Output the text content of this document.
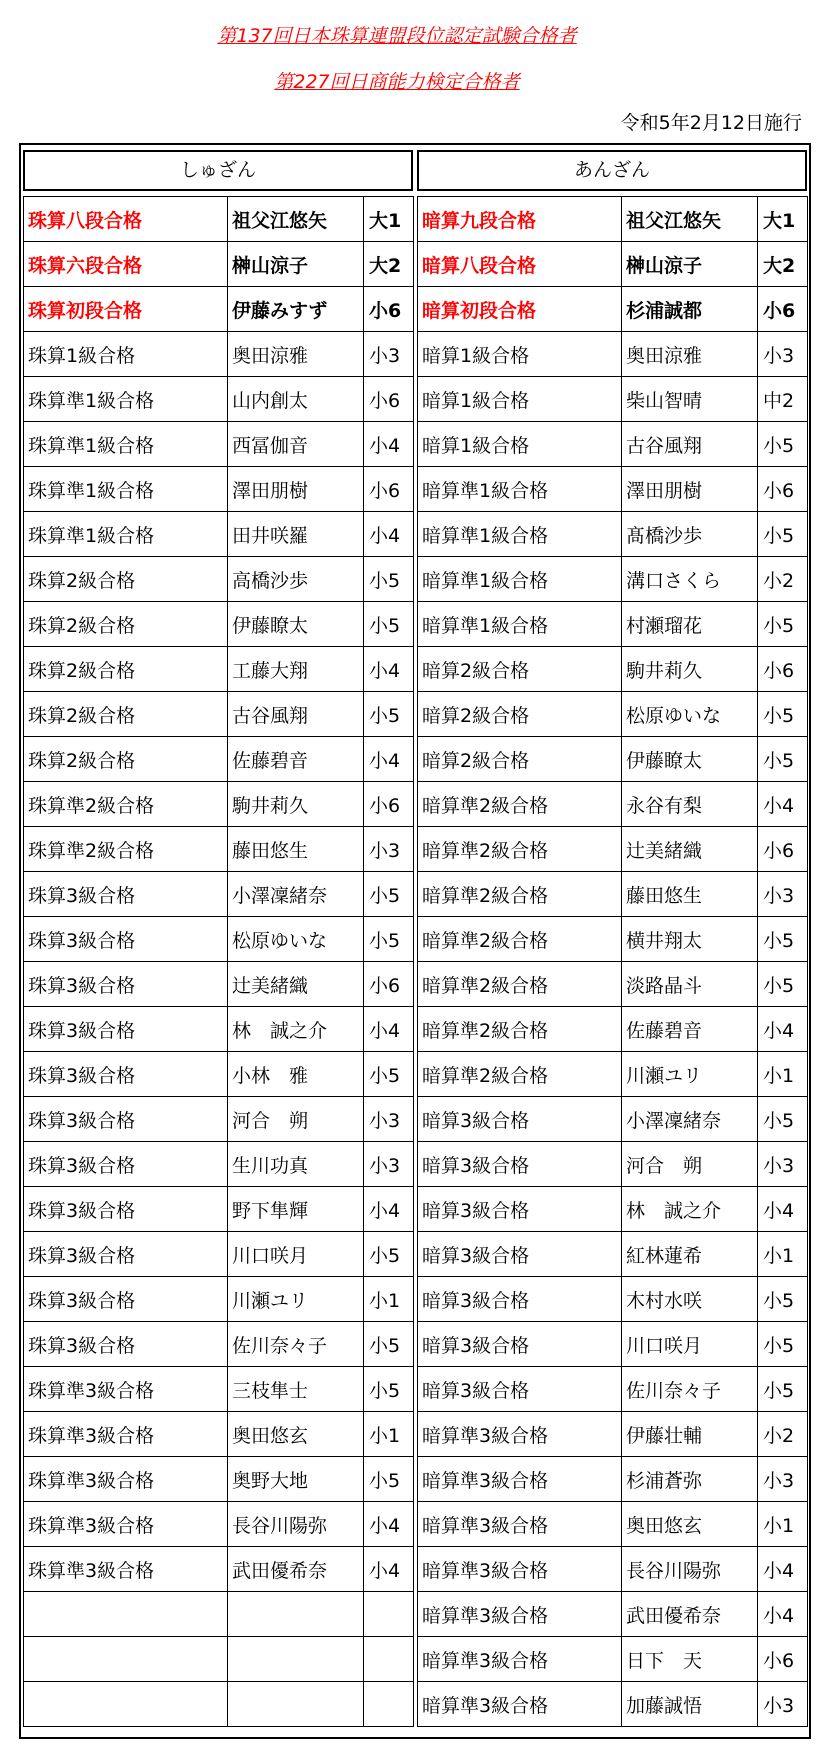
第137回日本珠算連盟段位認定試験合格者
第227回日商能力検定合格者
令和5年2月12日施行
しゅざん	あんざん
珠算八段合格	祖父江悠矢	大1
珠算六段合格	榊山涼子	大2
珠算初段合格	伊藤みすず	小6
珠算1級合格	奥田涼雅	小3
珠算準1級合格	山内創太	小6
珠算準1級合格	西冨伽音	小4
珠算準1級合格	澤田朋樹	小6
珠算準1級合格	田井咲羅	小4
珠算2級合格	高橋沙歩	小5
珠算2級合格	伊藤瞭太	小5
珠算2級合格	工藤大翔	小4
珠算2級合格	古谷風翔	小5
珠算2級合格	佐藤碧音	小4
珠算準2級合格	駒井莉久	小6
珠算準2級合格	藤田悠生	小3
珠算3級合格	小澤凜緒奈	小5
珠算3級合格	松原ゆいな	小5
珠算3級合格	辻美緒織	小6
珠算3級合格	林　誠之介	小4
珠算3級合格	小林　雅	小5
珠算3級合格	河合　朔	小3
珠算3級合格	生川功真	小3
珠算3級合格	野下隼輝	小4
珠算3級合格	川口咲月	小5
珠算3級合格	川瀬ユリ	小1
珠算3級合格	佐川奈々子	小5
珠算準3級合格	三枝隼士	小5
珠算準3級合格	奥田悠玄	小1
珠算準3級合格	奥野大地	小5
珠算準3級合格	長谷川陽弥	小4
珠算準3級合格	武田優希奈	小4

暗算九段合格	祖父江悠矢	大1
暗算八段合格	榊山涼子	大2
暗算初段合格	杉浦誠都	小6
暗算1級合格	奥田涼雅	小3
暗算1級合格	柴山智晴	中2
暗算1級合格	古谷風翔	小5
暗算準1級合格	澤田朋樹	小6
暗算準1級合格	髙橋沙歩	小5
暗算準1級合格	溝口さくら	小2
暗算準1級合格	村瀬瑠花	小5
暗算2級合格	駒井莉久	小6
暗算2級合格	松原ゆいな	小5
暗算2級合格	伊藤瞭太	小5
暗算準2級合格	永谷有梨	小4
暗算準2級合格	辻美緒織	小6
暗算準2級合格	藤田悠生	小3
暗算準2級合格	横井翔太	小5
暗算準2級合格	淡路晶斗	小5
暗算準2級合格	佐藤碧音	小4
暗算準2級合格	川瀬ユリ	小1
暗算3級合格	小澤凜緒奈	小5
暗算3級合格	河合　朔	小3
暗算3級合格	林　誠之介	小4
暗算3級合格	紅林蓮希	小1
暗算3級合格	木村水咲	小5
暗算3級合格	川口咲月	小5
暗算3級合格	佐川奈々子	小5
暗算準3級合格	伊藤壮輔	小2
暗算準3級合格	杉浦蒼弥	小3
暗算準3級合格	奥田悠玄	小1
暗算準3級合格	長谷川陽弥	小4
暗算準3級合格	武田優希奈	小4
暗算準3級合格	日下　天	小6
暗算準3級合格	加藤誠悟	小3
